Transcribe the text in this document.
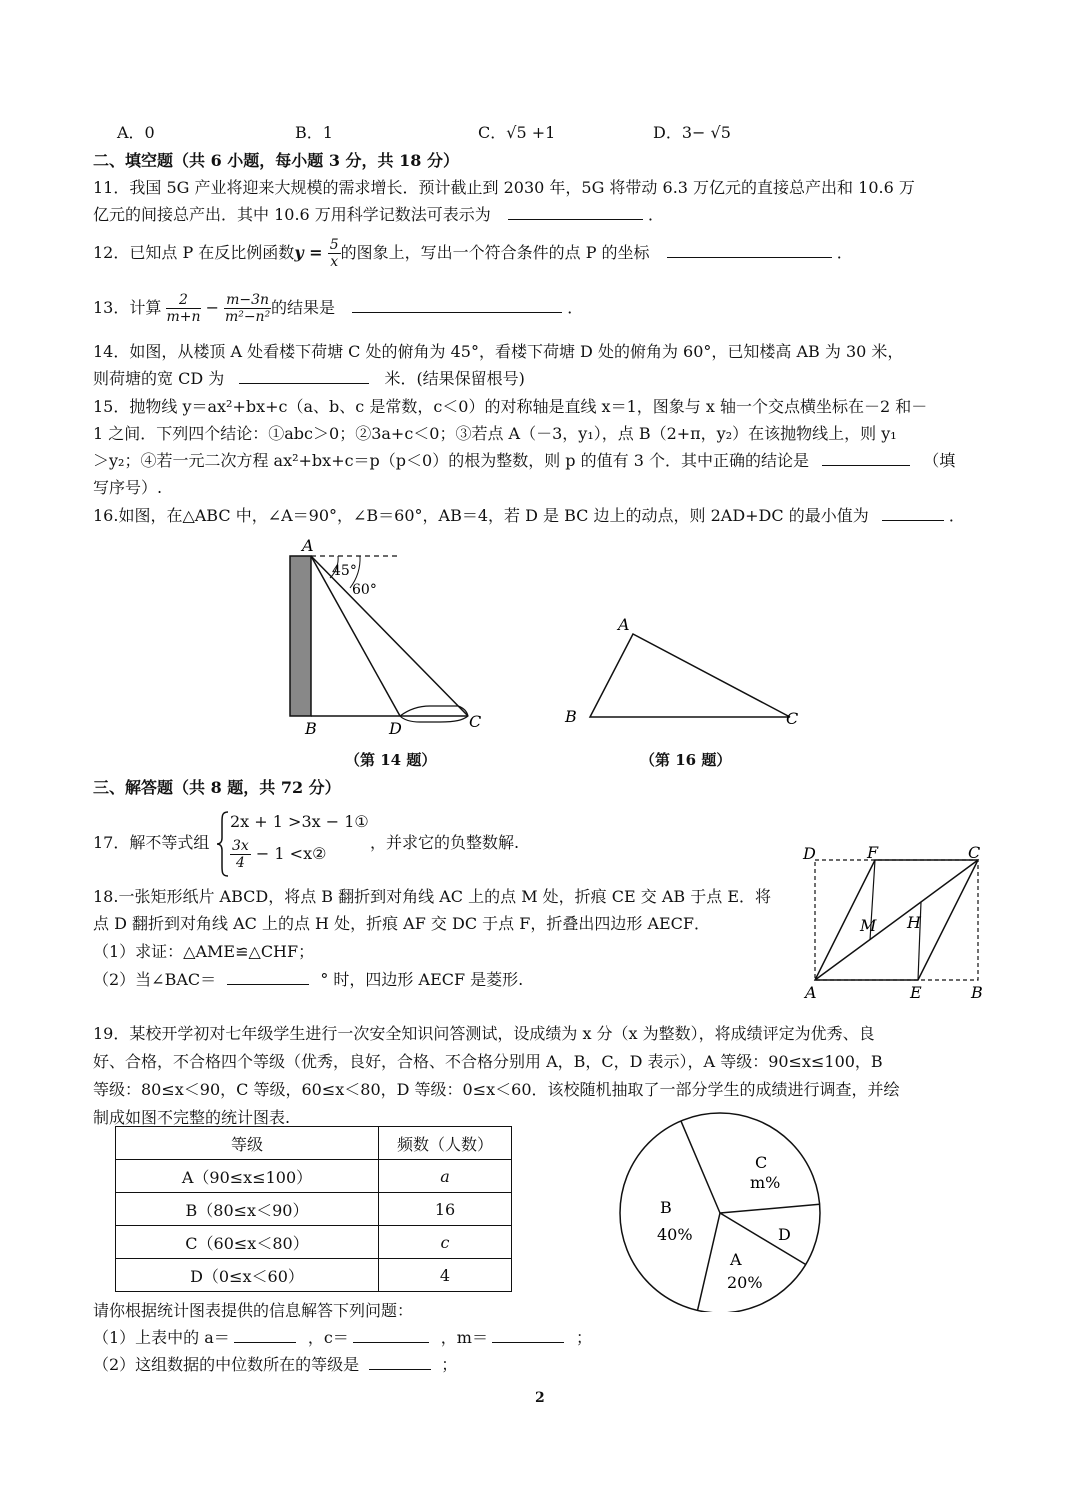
A．0	B．1	C．√5 +1	D．3− √5
二、填空题（共 6 小题，每小题 3 分，共 18 分）
11．我国 5G 产业将迎来大规模的需求增长．预计截止到 2030 年，5G 将带动 6.3 万亿元的直接总产出和 10.6 万
亿元的间接总产出．其中 10.6 万用科学记数法可表示为	．
12．已知点 P 在反比例函数$y = \frac{5}{x}$ 的图象上，写出一个符合条件的点 P 的坐标	．
13．计算 $\frac{2}{m+n} - \frac{m-3n}{\text{m²−n²}}$ 的结果是	．
14．如图，从楼顶 A 处看楼下荷塘 C 处的俯角为 45°，看楼下荷塘 D 处的俯角为 60°，已知楼高 AB 为 30 米，
则荷塘的宽 CD 为	米．(结果保留根号)
15．抛物线 y＝ax²+bx+c（a、b、c 是常数，c＜0）的对称轴是直线 x＝1，图象与 x 轴一个交点横坐标在－2 和－
1 之间．下列四个结论：①abc＞0；②3a+c＜0；③若点 A（－3，y₁），点 B（2+π，y₂）在该抛物线上，则 y₁
＞y₂；④若一元二次方程 ax²+bx+c＝p（p＜0）的根为整数，则 p 的值有 3 个．其中正确的结论是	（填
写序号）.
16.如图，在△ABC 中，∠A＝90°，∠B＝60°，AB＝4，若 D 是 BC 边上的动点，则 2AD+DC 的最小值为	．
A
45°
60°
B	D	C
（第 14 题）
A
B	C
（第 16 题）
三、解答题（共 8 题，共 72 分）
17．解不等式组
2x + 1 >3x − 1①
$\frac{3x}{4} - 1$ <x②
，并求它的负整数解.
18.一张矩形纸片 ABCD，将点 B 翻折到对角线 AC 上的点 M 处，折痕 CE 交 AB 于点 E．将
点 D 翻折到对角线 AC 上的点 H 处，折痕 AF 交 DC 于点 F，折叠出四边形 AECF．
（1）求证：△AME≌△CHF；
（2）当∠BAC＝	° 时，四边形 AECF 是菱形.
D	F	C
M H
A	E	B
19．某校开学初对七年级学生进行一次安全知识问答测试，设成绩为 x 分（x 为整数），将成绩评定为优秀、良
好、合格，不合格四个等级（优秀，良好，合格、不合格分别用 A，B，C，D 表示），A 等级：90≤x≤100，B
等级：80≤x＜90，C 等级，60≤x＜80，D 等级：0≤x＜60．该校随机抽取了一部分学生的成绩进行调查，并绘
制成如图不完整的统计图表.
等级	频数（人数）
A（90≤x≤100）	a
B（80≤x＜90）	16
C（60≤x＜80）	c
D（0≤x＜60）	4
C
m%
D
A
20%
B
40%
请你根据统计图表提供的信息解答下列问题：
（1）上表中的 a＝	，c＝	，m＝	；
（2）这组数据的中位数所在的等级是	；
2
